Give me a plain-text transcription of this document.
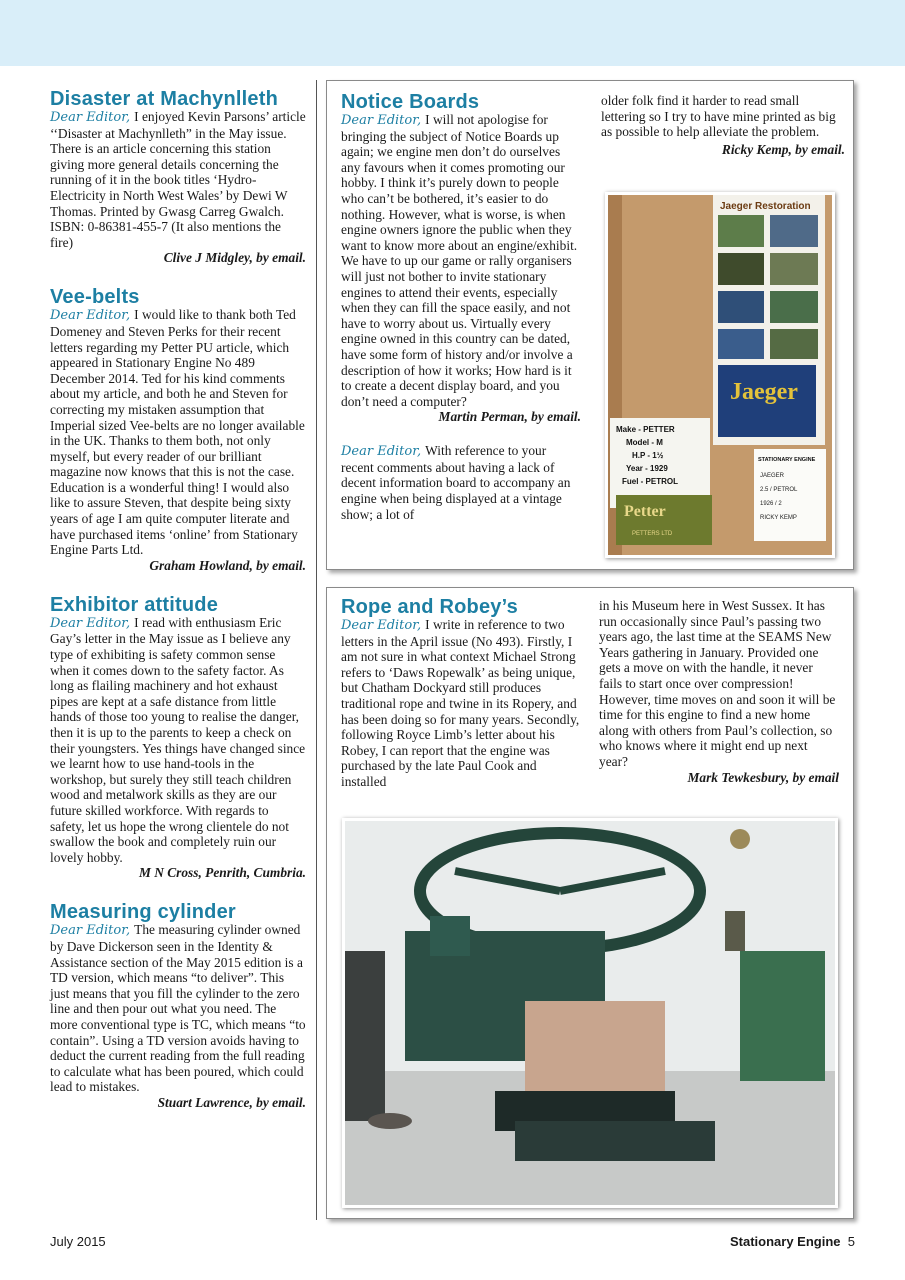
Disaster at Machynlleth

Dear Editor, I enjoyed Kevin Parsons’ article ‘‘Disaster at Machynlleth” in the May issue. There is an article concerning this station giving more general details concerning the running of it in the book titles ‘Hydro-Electricity in North West Wales’ by Dewi W Thomas. Printed by Gwasg Carreg Gwalch. ISBN: 0-86381-455-7 (It also mentions the fire)

Clive J Midgley, by email.
Vee-belts

Dear Editor, I would like to thank both Ted Domeney and Steven Perks for their recent letters regarding my Petter PU article, which appeared in Stationary Engine No 489 December 2014. Ted for his kind comments about my article, and both he and Steven for correcting my mistaken assumption that Imperial sized Vee-belts are no longer available in the UK. Thanks to them both, not only myself, but every reader of our brilliant magazine now knows that this is not the case. Education is a wonderful thing! I would also like to assure Steven, that despite being sixty years of age I am quite computer literate and have purchased items ‘online’ from Stationary Engine Parts Ltd.

Graham Howland, by email.
Exhibitor attitude

Dear Editor, I read with enthusiasm Eric Gay’s letter in the May issue as I believe any type of exhibiting is safety common sense when it comes down to the safety factor. As long as flailing machinery and hot exhaust pipes are kept at a safe distance from little hands of those too young to realise the danger, then it is up to the parents to keep a check on their youngsters. Yes things have changed since we learnt how to use hand-tools in the workshop, but surely they still teach children wood and metalwork skills as they are our future skilled workforce. With regards to safety, let us hope the wrong clientele do not swallow the book and completely ruin our lovely hobby.

M N Cross, Penrith, Cumbria.
Measuring cylinder

Dear Editor, The measuring cylinder owned by Dave Dickerson seen in the Identity & Assistance section of the May 2015 edition is a TD version, which means “to deliver”. This just means that you fill the cylinder to the zero line and then pour out what you need. The more conventional type is TC, which means “to contain”. Using a TD version avoids having to deduct the current reading from the full reading to calculate what has been poured, which could lead to mistakes.

Stuart Lawrence, by email.
Notice Boards

Dear Editor, I will not apologise for bringing the subject of Notice Boards up again; we engine men don’t do ourselves any favours when it comes promoting our hobby. I think it’s purely down to people who can’t be bothered, it’s easier to do nothing. However, what is worse, is when engine owners ignore the public when they want to know more about an engine/exhibit. We have to up our game or rally organisers will just not bother to invite stationary engines to attend their events, especially when they can fill the space easily, and not have to worry about us. Virtually every engine owned in this country can be dated, have some form of history and/or involve a description of how it works; How hard is it to create a decent display board, and you don’t need a computer?

Martin Perman, by email.

Dear Editor, With reference to your recent comments about having a lack of decent information board to accompany an engine when being displayed at a vintage show; a lot of

older folk find it harder to read small lettering so I try to have mine printed as big as possible to help alleviate the problem.

Ricky Kemp, by email.
Jaeger Restoration
Jaeger
Make - PETTER
Model - M
H.P - 1½
Year - 1929
Fuel - PETROL
Petter
PETTERS LTD
STATIONARY ENGINE
JAEGER
2.5 / PETROL
1926 / 2
RICKY KEMP
Rope and Robey’s

Dear Editor, I write in reference to two letters in the April issue (No 493). Firstly, I am not sure in what context Michael Strong refers to ‘Daws Ropewalk’ as being unique, but Chatham Dockyard still produces traditional rope and twine in its Ropery, and has been doing so for many years. Secondly, following Royce Limb’s letter about his Robey, I can report that the engine was purchased by the late Paul Cook and installed

in his Museum here in West Sussex. It has run occasionally since Paul’s passing two years ago, the last time at the SEAMS New Years gathering in January. Provided one gets a move on with the handle, it never fails to start once over compression! However, time moves on and soon it will be time for this engine to find a new home along with others from Paul’s collection, so who knows where it might end up next year?

Mark Tewkesbury, by email
July 2015	Stationary Engine 5
